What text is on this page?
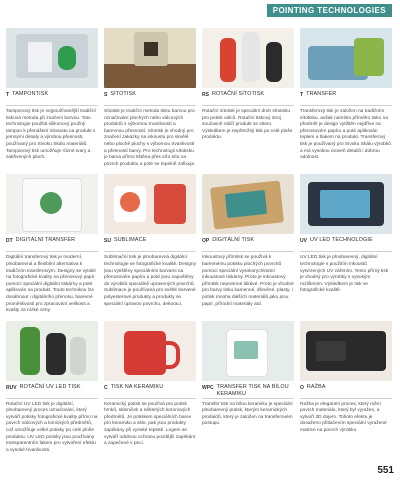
POINTING TECHNOLOGIES
T TAMPONTISK
Tamponový tisk je nejpoužívanější tradiční tisková metoda při značení barvou. Tato technologie použitá silikonový pružný tampon k přenášení inkoustu na produkt s jemnými detaily a výrobou přesnosti, používaný pro Sivoku Skálu materiálů. Tamponový tisk umožňuje různé tvary a zakřivených ploch.
S SÍTOTISK
Sítotisk je tradiční metoda tisku barvou pro označování plochých nebo válcových produktů s výbornou trvanlivostí a barevnou přesností. Sítotisk je vhodný pro značení zakázky na inkoustu pro skvělé nebo plochě plochy s výbornou trvanlivostí a přesností barvy. Pro technologii sítotisku je barva přímo tištěna přes síťo síto na povrch produktu a poté se tepelně zafixuje.
RS ROTAČNÍ SÍTOTISK
Rotační sítotisk je speciální druh sítotisku pro potisk válců. Rotační tiskový stroj současně otáčí produkt se sítem. Výsledkem je nepřetržitý tisk po celé ploše produktu.
T TRANSFER
Transferový tisk je založen na tradičním sítotisku, avšak namísto přímého tisku na předmět je design vytištěn nejdříve na přenosovém papíru a poté aplikován teplem a tlakem na produkt. Transferový tisk je používaný pro Sivoku Skálu výrobků a má vysokou úroveň detailů i dobrou odolnost.
DT DIGITÁLNÍ TRANSFER
Digitální transferový tisk je moderní, plnobarevná a flexibilní alternativa k tradičním transferovým. Designy se vytiskl na fotografické kvality na přenosový papír pomocí speciální digitální tiskárny a poté aplikován na produkt. Touto technikou lze dosáhnout i digitálního přenosu, barevné proměnlivosti pro zpracování velikosti a kvality za nízké ceny.
SU SUBLIMACE
Sublimační tisk je plnobarevná digitální technologie ve fotografické kvalitě. Designy jsou vytištěny speciálními barvami na přenosovém papíru a poté jsou napuštěny do výrobků speciálně upravených povrchů. Sublimace je používaná pro světlé barvené polyesterové produkty a produkty se speciální úpravou povrchu, dekoraci.
OP DIGITÁLNÍ TISK
Inkoustový přímtisk se používá k barevnému potisku plochých povrchů pomocí speciální vysokorychlostní inkoustové tiskárny. Proto je inkoustový přímtisk nepovinné lákávé. Proto je vhodné pro barvy tisku kamenné, dřevěné, plasty, i potisk mnoha dalších materiálů jako jsou papír, přírodní materiály atd.
UV UV LED TECHNOLOGIE
UV LED tisk je plnobarevný, digitální technologie s použitím inkoustů vytvrzených UV zářením. Tento přímý tisk je vhodný pro výrobky s vysokým rozlišením. Výsledkem je tisk ve fotografické kvalitě.
RUV ROTAČNÍ UV LED TISK
Rotační UV LED tisk je digitální, plnobarevný proces označování, který vytváří potisky fotografické kvality přímo na povrch válcových a kónických předmětů, což umožňuje velké potisky po celé ploše produktu. UV LED potisky jsou používány transparentním lakem pro vytvoření efektu a vysoké trvanlivosti.
C TISK NA KERAMIKU
Keramický potisk se používá pro potisk hrnků, skleniček a některých koronových předmětů. Je potiskem speciálních barev pro keramiku a sklo, pak jsou produkty zapékány při vysoké teplotě. Logem se vytváří odolnou ochranu pozdější zapékání a zapečené v peci.
WPC TRANSFER TISK NA BÍLOU KERAMIKU
Transfer tisk na bílou keramiku je speciální plnobarevný potisk, kterým keramických produktů, který je založen na transferovém postupu.
O RAŽBA
Ražba je elegantní proces, který mění povrch materiálu, který byl vyražen, a vytvoří 3D dojem. Tohoto efektu je dosaženo přitlačením speciální vyražené matrice na povrch výrobku.
551
